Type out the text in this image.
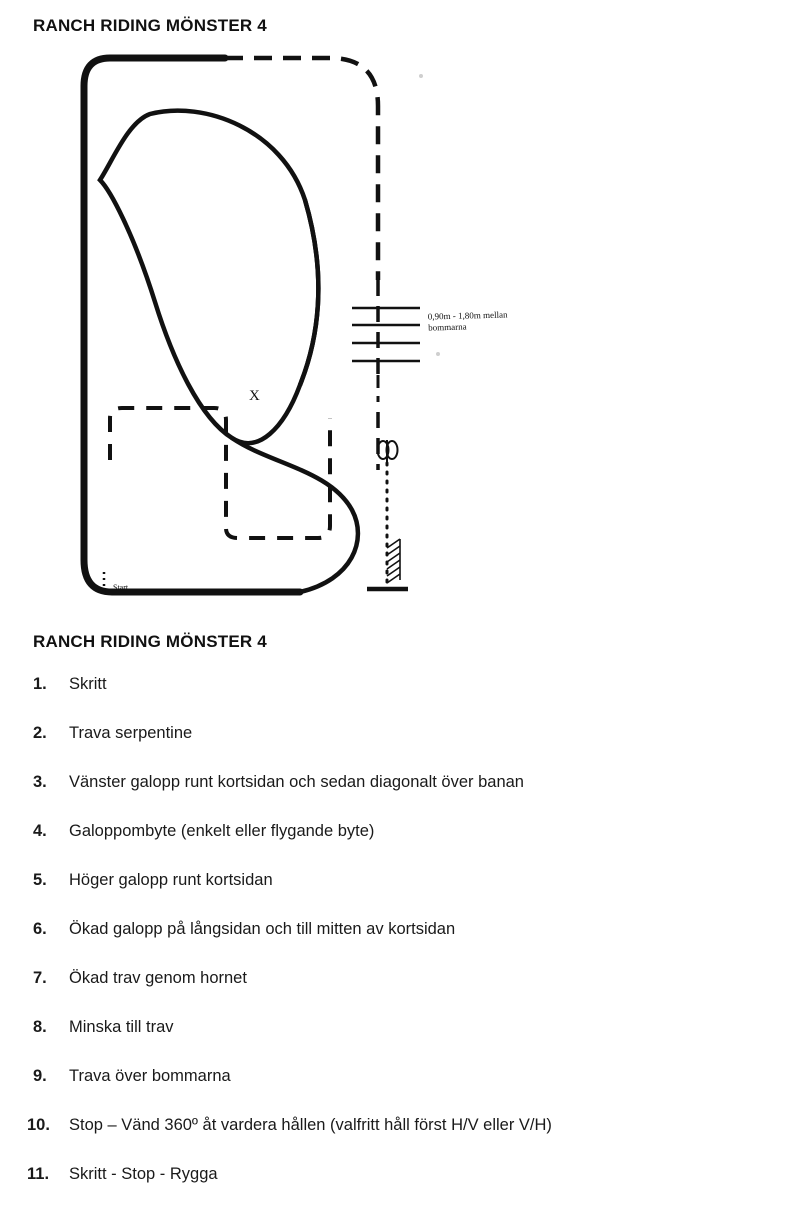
RANCH RIDING MÖNSTER 4
X
Start
0,90m - 1,80m mellan bommarna
RANCH RIDING MÖNSTER 4
1.	Skritt
2.	Trava serpentine
3.	Vänster galopp runt kortsidan och sedan diagonalt över banan
4.	Galoppombyte (enkelt eller flygande byte)
5.	Höger galopp runt kortsidan
6.	Ökad galopp på långsidan och till mitten av kortsidan
7.	Ökad trav genom hornet
8.	Minska till trav
9.	Trava över bommarna
10.	Stop – Vänd 360º åt vardera hållen (valfritt håll först H/V eller V/H)
11.	Skritt - Stop - Rygga
